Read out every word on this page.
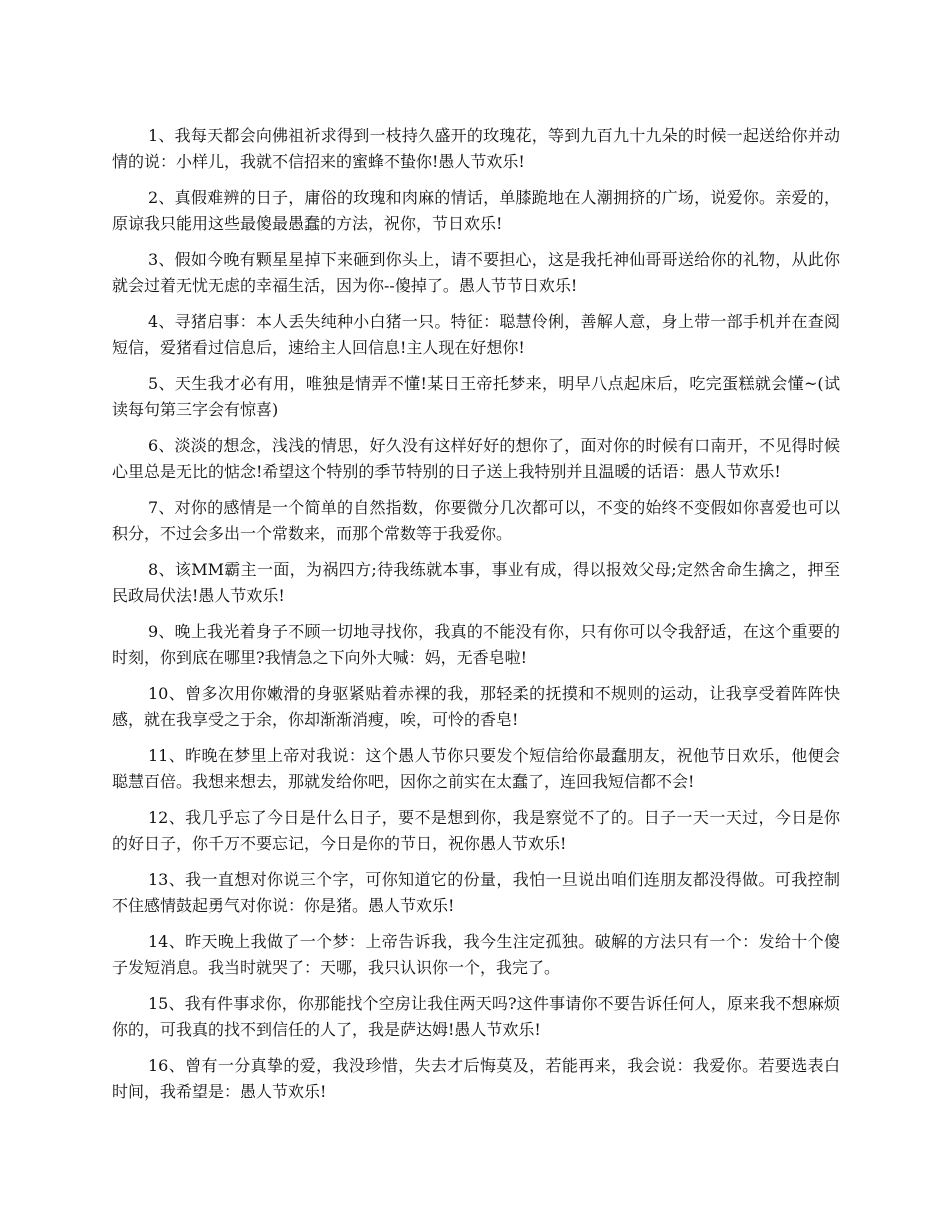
1、我每天都会向佛祖祈求得到一枝持久盛开的玫瑰花，等到九百九十九朵的时候一起送给你并动情的说：小样儿，我就不信招来的蜜蜂不蛰你!愚人节欢乐!

2、真假难辨的日子，庸俗的玫瑰和肉麻的情话，单膝跪地在人潮拥挤的广场，说爱你。亲爱的，原谅我只能用这些最傻最愚蠢的方法，祝你，节日欢乐!

3、假如今晚有颗星星掉下来砸到你头上，请不要担心，这是我托神仙哥哥送给你的礼物，从此你就会过着无忧无虑的幸福生活，因为你--傻掉了。愚人节节日欢乐!

4、寻猪启事：本人丢失纯种小白猪一只。特征：聪慧伶俐，善解人意，身上带一部手机并在查阅短信，爱猪看过信息后，速给主人回信息!主人现在好想你!

5、天生我才必有用，唯独是情弄不懂!某日王帝托梦来，明早八点起床后，吃完蛋糕就会懂~(试读每句第三字会有惊喜)

6、淡淡的想念，浅浅的情思，好久没有这样好好的想你了，面对你的时候有口南开，不见得时候心里总是无比的惦念!希望这个特别的季节特别的日子送上我特别并且温暖的话语：愚人节欢乐!

7、对你的感情是一个简单的自然指数，你要微分几次都可以，不变的始终不变假如你喜爱也可以积分，不过会多出一个常数来，而那个常数等于我爱你。

8、该MM霸主一面，为祸四方;待我练就本事，事业有成，得以报效父母;定然舍命生擒之，押至民政局伏法!愚人节欢乐!

9、晚上我光着身子不顾一切地寻找你，我真的不能没有你，只有你可以令我舒适，在这个重要的时刻，你到底在哪里?我情急之下向外大喊：妈，无香皂啦!

10、曾多次用你嫩滑的身驱紧贴着赤裸的我，那轻柔的抚摸和不规则的运动，让我享受着阵阵快感，就在我享受之于余，你却渐渐消瘦，唉，可怜的香皂!

11、昨晚在梦里上帝对我说：这个愚人节你只要发个短信给你最蠢朋友，祝他节日欢乐，他便会聪慧百倍。我想来想去，那就发给你吧，因你之前实在太蠢了，连回我短信都不会!

12、我几乎忘了今日是什么日子，要不是想到你，我是察觉不了的。日子一天一天过，今日是你的好日子，你千万不要忘记，今日是你的节日，祝你愚人节欢乐!

13、我一直想对你说三个字，可你知道它的份量，我怕一旦说出咱们连朋友都没得做。可我控制不住感情鼓起勇气对你说：你是猪。愚人节欢乐!

14、昨天晚上我做了一个梦：上帝告诉我，我今生注定孤独。破解的方法只有一个：发给十个傻子发短消息。我当时就哭了：天哪，我只认识你一个，我完了。

15、我有件事求你，你那能找个空房让我住两天吗?这件事请你不要告诉任何人，原来我不想麻烦你的，可我真的找不到信任的人了，我是萨达姆!愚人节欢乐!

16、曾有一分真挚的爱，我没珍惜，失去才后悔莫及，若能再来，我会说：我爱你。若要选表白时间，我希望是：愚人节欢乐!
